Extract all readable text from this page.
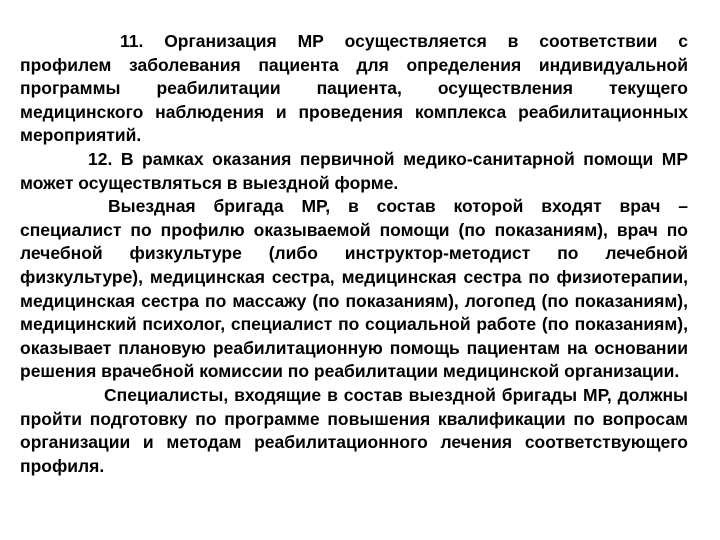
11. Организация МР осуществляется в соответствии с профилем заболевания пациента для определения индивидуальной программы реабилитации пациента, осуществления текущего медицинского наблюдения и проведения комплекса реабилитационных мероприятий.

12. В рамках оказания первичной медико-санитарной помощи МР может осуществляться в выездной форме.

Выездная бригада МР, в состав которой входят врач – специалист по профилю оказываемой помощи (по показаниям), врач по лечебной физкультуре (либо инструктор-методист по лечебной физкультуре), медицинская сестра, медицинская сестра по физиотерапии, медицинская сестра по массажу (по показаниям), логопед (по показаниям), медицинский психолог, специалист по социальной работе (по показаниям), оказывает плановую реабилитационную помощь пациентам на основании решения врачебной комиссии по реабилитации медицинской организации.

Специалисты, входящие в состав выездной бригады МР, должны пройти подготовку по программе повышения квалификации по вопросам организации и методам реабилитационного лечения соответствующего профиля.
